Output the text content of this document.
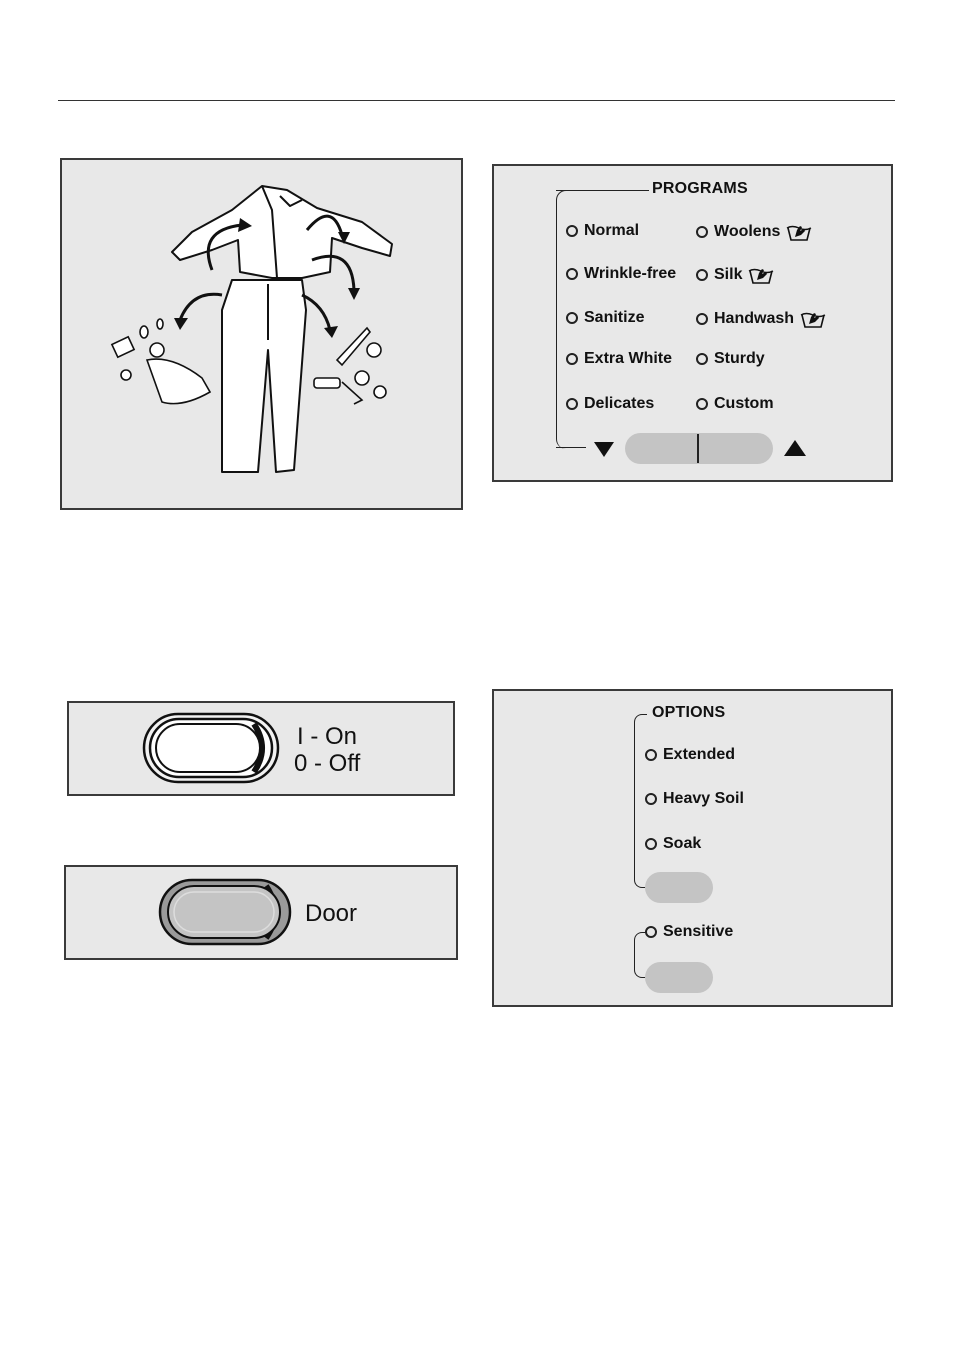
PROGRAMS
Normal
Wrinkle-free
Sanitize
Extra White
Delicates
Woolens
Silk
Handwash
Sturdy
Custom
I - On
0 - Off
Door
OPTIONS
Extended
Heavy Soil
Soak
Sensitive
